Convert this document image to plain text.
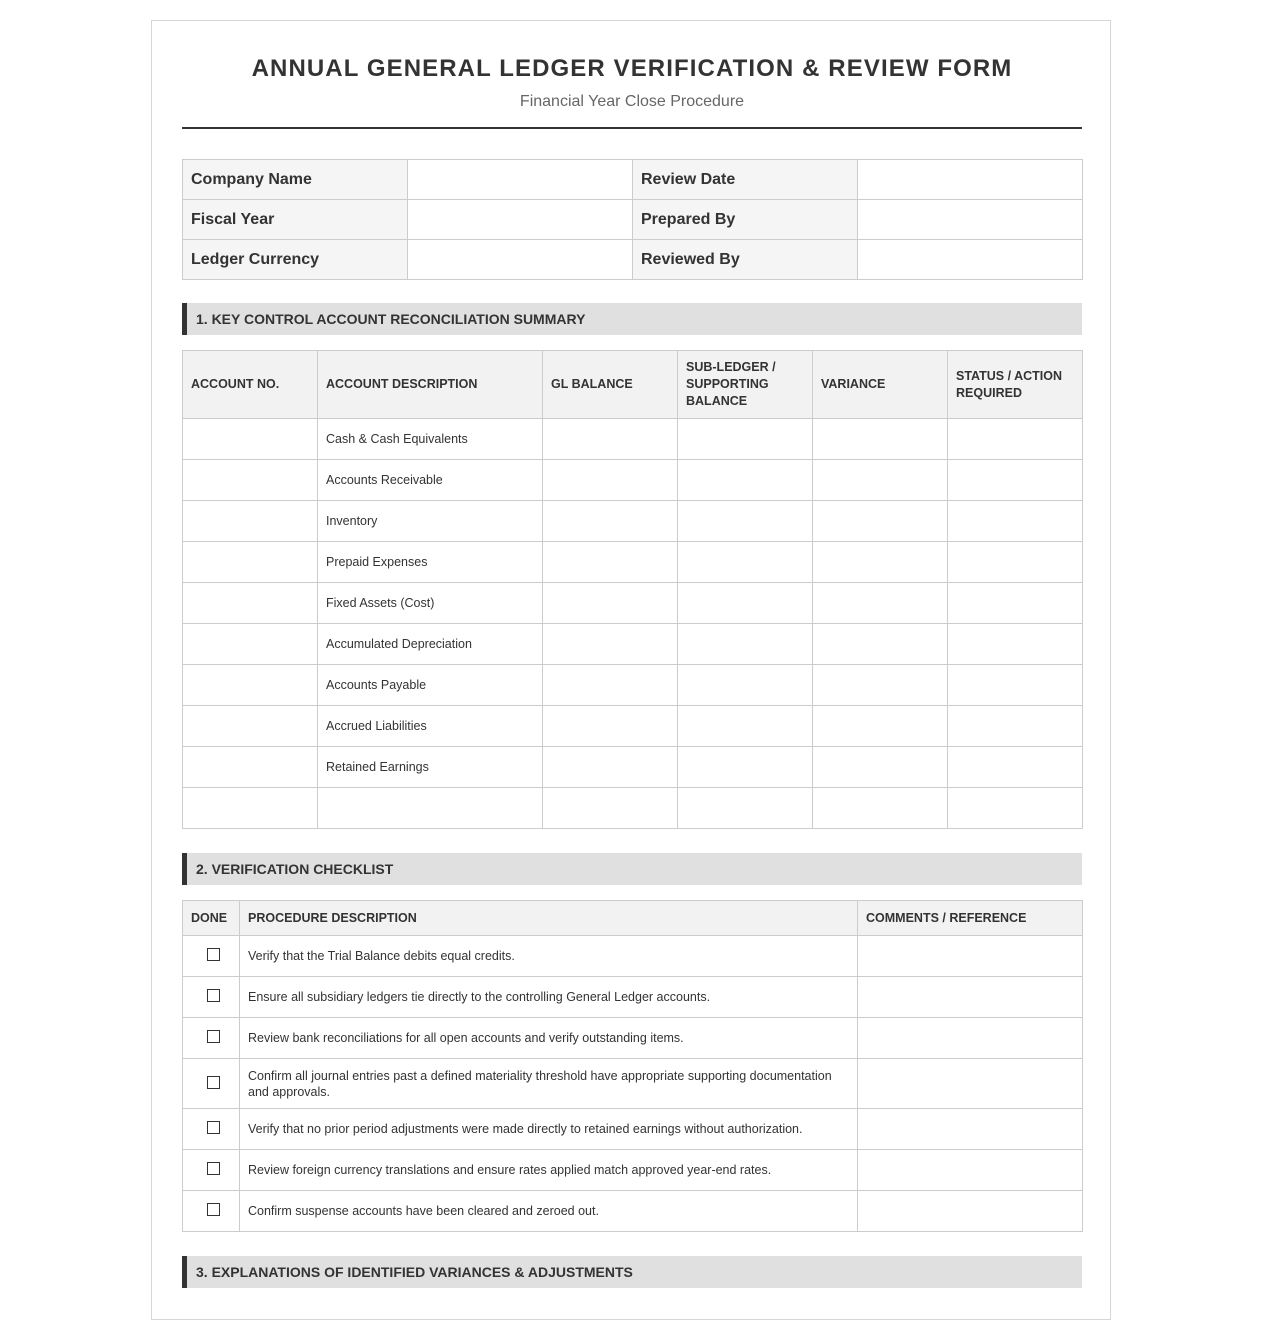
ANNUAL GENERAL LEDGER VERIFICATION & REVIEW FORM
Financial Year Close Procedure
Company Name		Review Date	
Fiscal Year		Prepared By	
Ledger Currency		Reviewed By	
1. KEY CONTROL ACCOUNT RECONCILIATION SUMMARY
ACCOUNT NO.	ACCOUNT DESCRIPTION	GL BALANCE	SUB-LEDGER / SUPPORTING BALANCE	VARIANCE	STATUS / ACTION REQUIRED
	Cash & Cash Equivalents				
	Accounts Receivable				
	Inventory				
	Prepaid Expenses				
	Fixed Assets (Cost)				
	Accumulated Depreciation				
	Accounts Payable				
	Accrued Liabilities				
	Retained Earnings				

2. VERIFICATION CHECKLIST
DONE	PROCEDURE DESCRIPTION	COMMENTS / REFERENCE
	Verify that the Trial Balance debits equal credits.	
	Ensure all subsidiary ledgers tie directly to the controlling General Ledger accounts.	
	Review bank reconciliations for all open accounts and verify outstanding items.	
	Confirm all journal entries past a defined materiality threshold have appropriate supporting documentation and approvals.	
	Verify that no prior period adjustments were made directly to retained earnings without authorization.	
	Review foreign currency translations and ensure rates applied match approved year-end rates.	
	Confirm suspense accounts have been cleared and zeroed out.	
3. EXPLANATIONS OF IDENTIFIED VARIANCES & ADJUSTMENTS
